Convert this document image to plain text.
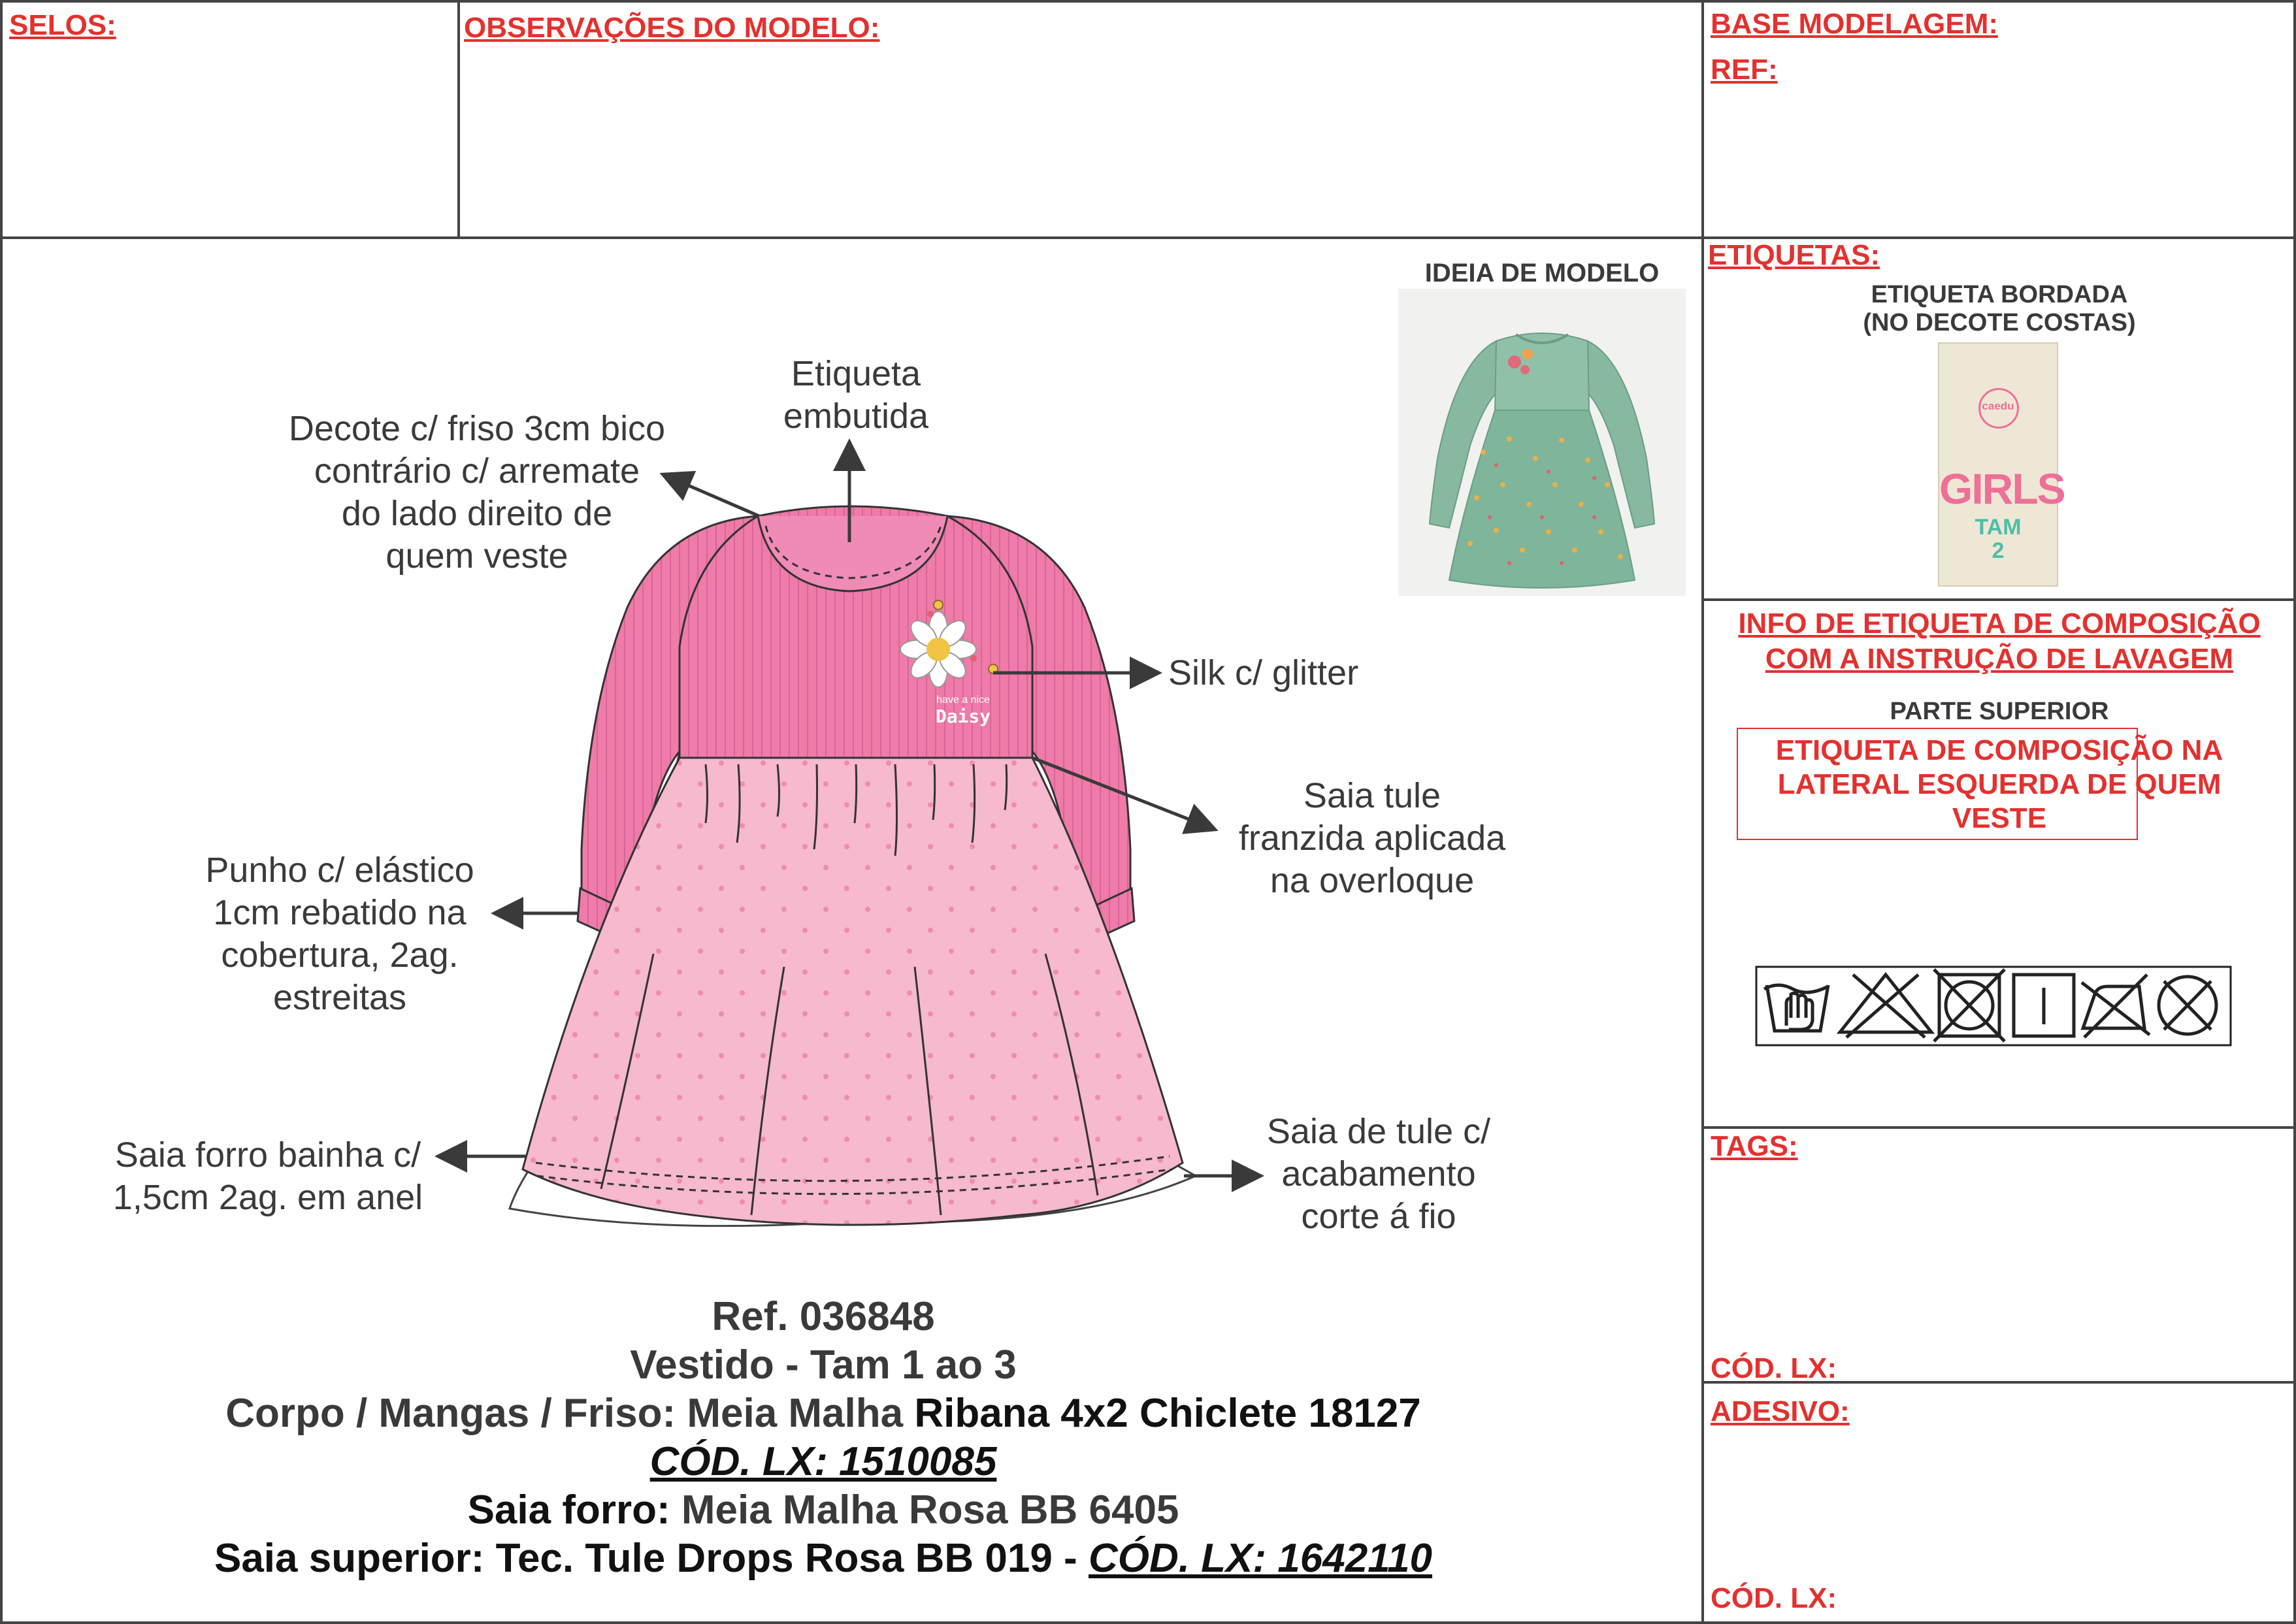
SELOS:	OBSERVAÇÕES DO MODELO:	BASE MODELAGEM:
REF:
ETIQUETAS:
ETIQUETA BORDADA
(NO DECOTE COSTAS)
caedu
GIRLS
TAM
2
INFO DE ETIQUETA DE COMPOSIÇÃO
COM A INSTRUÇÃO DE LAVAGEM
PARTE SUPERIOR
ETIQUETA DE COMPOSIÇÃO NA
LATERAL ESQUERDA DE QUEM
VESTE
TAGS:
CÓD. LX:
ADESIVO:
CÓD. LX:
IDEIA DE MODELO
have a nice
Daisy
Etiqueta
embutida
Decote c/ friso 3cm bico
contrário c/ arremate
do lado direito de
quem veste
Silk c/ glitter
Saia tule
franzida aplicada
na overloque
Punho c/ elástico
1cm rebatido na
cobertura, 2ag.
estreitas
Saia forro bainha c/
1,5cm 2ag. em anel
Saia de tule c/
acabamento
corte á fio
Ref. 036848
Vestido - Tam 1 ao 3
Corpo / Mangas / Friso: Meia Malha Ribana 4x2 Chiclete 18127
CÓD. LX: 1510085
Saia forro: Meia Malha Rosa BB 6405
Saia superior: Tec. Tule Drops Rosa BB 019 - CÓD. LX: 1642110
